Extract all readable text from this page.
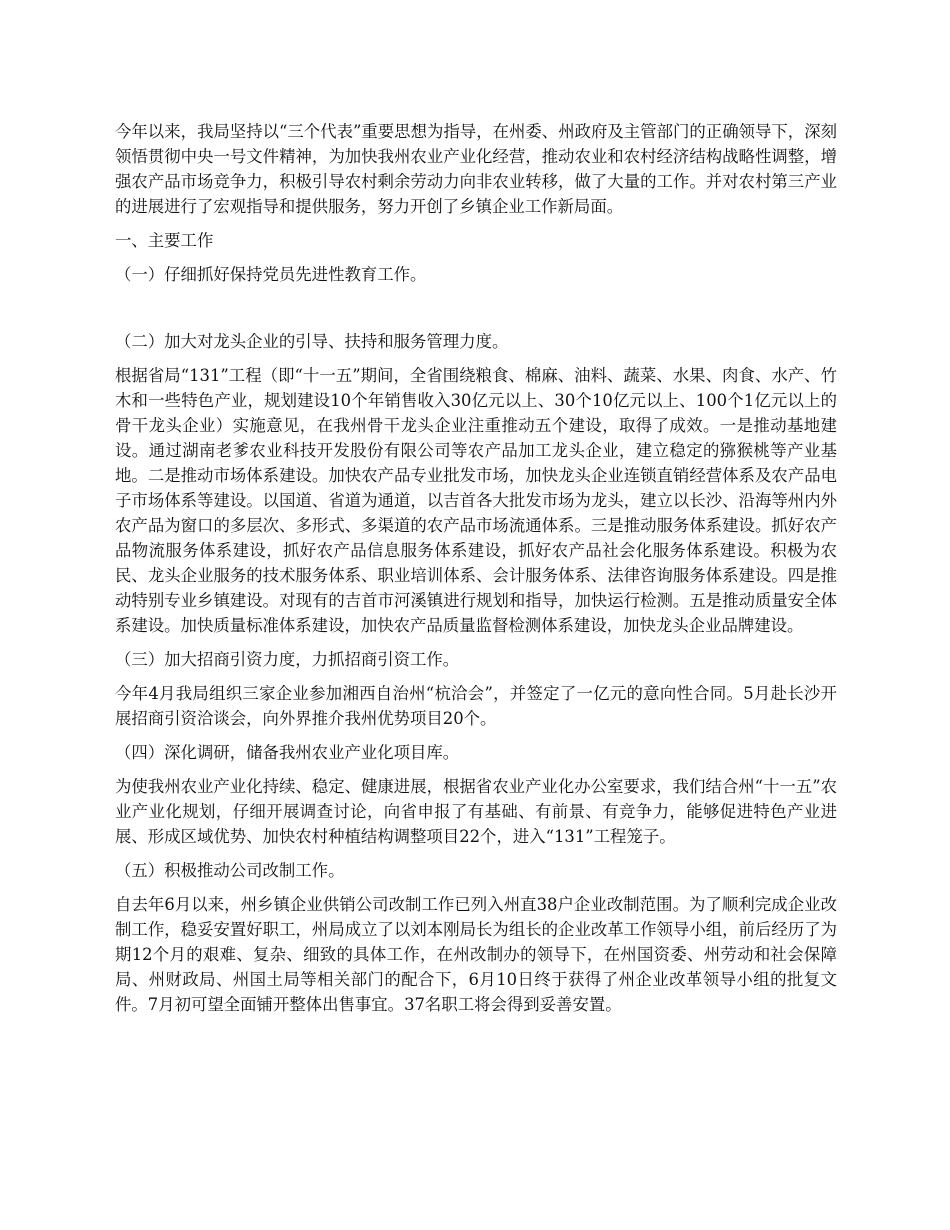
今年以来，我局坚持以“三个代表”重要思想为指导，在州委、州政府及主管部门的正确领导下，深刻领悟贯彻中央一号文件精神，为加快我州农业产业化经营，推动农业和农村经济结构战略性调整，增强农产品市场竞争力，积极引导农村剩余劳动力向非农业转移，做了大量的工作。并对农村第三产业的进展进行了宏观指导和提供服务，努力开创了乡镇企业工作新局面。

一、主要工作

（一）仔细抓好保持党员先进性教育工作。

（二）加大对龙头企业的引导、扶持和服务管理力度。

根据省局“131”工程（即“十一五”期间，全省围绕粮食、棉麻、油料、蔬菜、水果、肉食、水产、竹木和一些特色产业，规划建设10个年销售收入30亿元以上、30个10亿元以上、100个1亿元以上的骨干龙头企业）实施意见，在我州骨干龙头企业注重推动五个建设，取得了成效。一是推动基地建设。通过湖南老爹农业科技开发股份有限公司等农产品加工龙头企业，建立稳定的猕猴桃等产业基地。二是推动市场体系建设。加快农产品专业批发市场，加快龙头企业连锁直销经营体系及农产品电子市场体系等建设。以国道、省道为通道，以吉首各大批发市场为龙头，建立以长沙、沿海等州内外农产品为窗口的多层次、多形式、多渠道的农产品市场流通体系。三是推动服务体系建设。抓好农产品物流服务体系建设，抓好农产品信息服务体系建设，抓好农产品社会化服务体系建设。积极为农民、龙头企业服务的技术服务体系、职业培训体系、会计服务体系、法律咨询服务体系建设。四是推动特别专业乡镇建设。对现有的吉首市河溪镇进行规划和指导，加快运行检测。五是推动质量安全体系建设。加快质量标准体系建设，加快农产品质量监督检测体系建设，加快龙头企业品牌建设。

（三）加大招商引资力度，力抓招商引资工作。

今年4月我局组织三家企业参加湘西自治州“杭洽会”，并签定了一亿元的意向性合同。5月赴长沙开展招商引资洽谈会，向外界推介我州优势项目20个。

（四）深化调研，储备我州农业产业化项目库。

为使我州农业产业化持续、稳定、健康进展，根据省农业产业化办公室要求，我们结合州“十一五”农业产业化规划，仔细开展调查讨论，向省申报了有基础、有前景、有竞争力，能够促进特色产业进展、形成区域优势、加快农村种植结构调整项目22个，进入“131”工程笼子。

（五）积极推动公司改制工作。

自去年6月以来，州乡镇企业供销公司改制工作已列入州直38户企业改制范围。为了顺利完成企业改制工作，稳妥安置好职工，州局成立了以刘本刚局长为组长的企业改革工作领导小组，前后经历了为期12个月的艰难、复杂、细致的具体工作，在州改制办的领导下，在州国资委、州劳动和社会保障局、州财政局、州国土局等相关部门的配合下，6月10日终于获得了州企业改革领导小组的批复文件。7月初可望全面铺开整体出售事宜。37名职工将会得到妥善安置。
